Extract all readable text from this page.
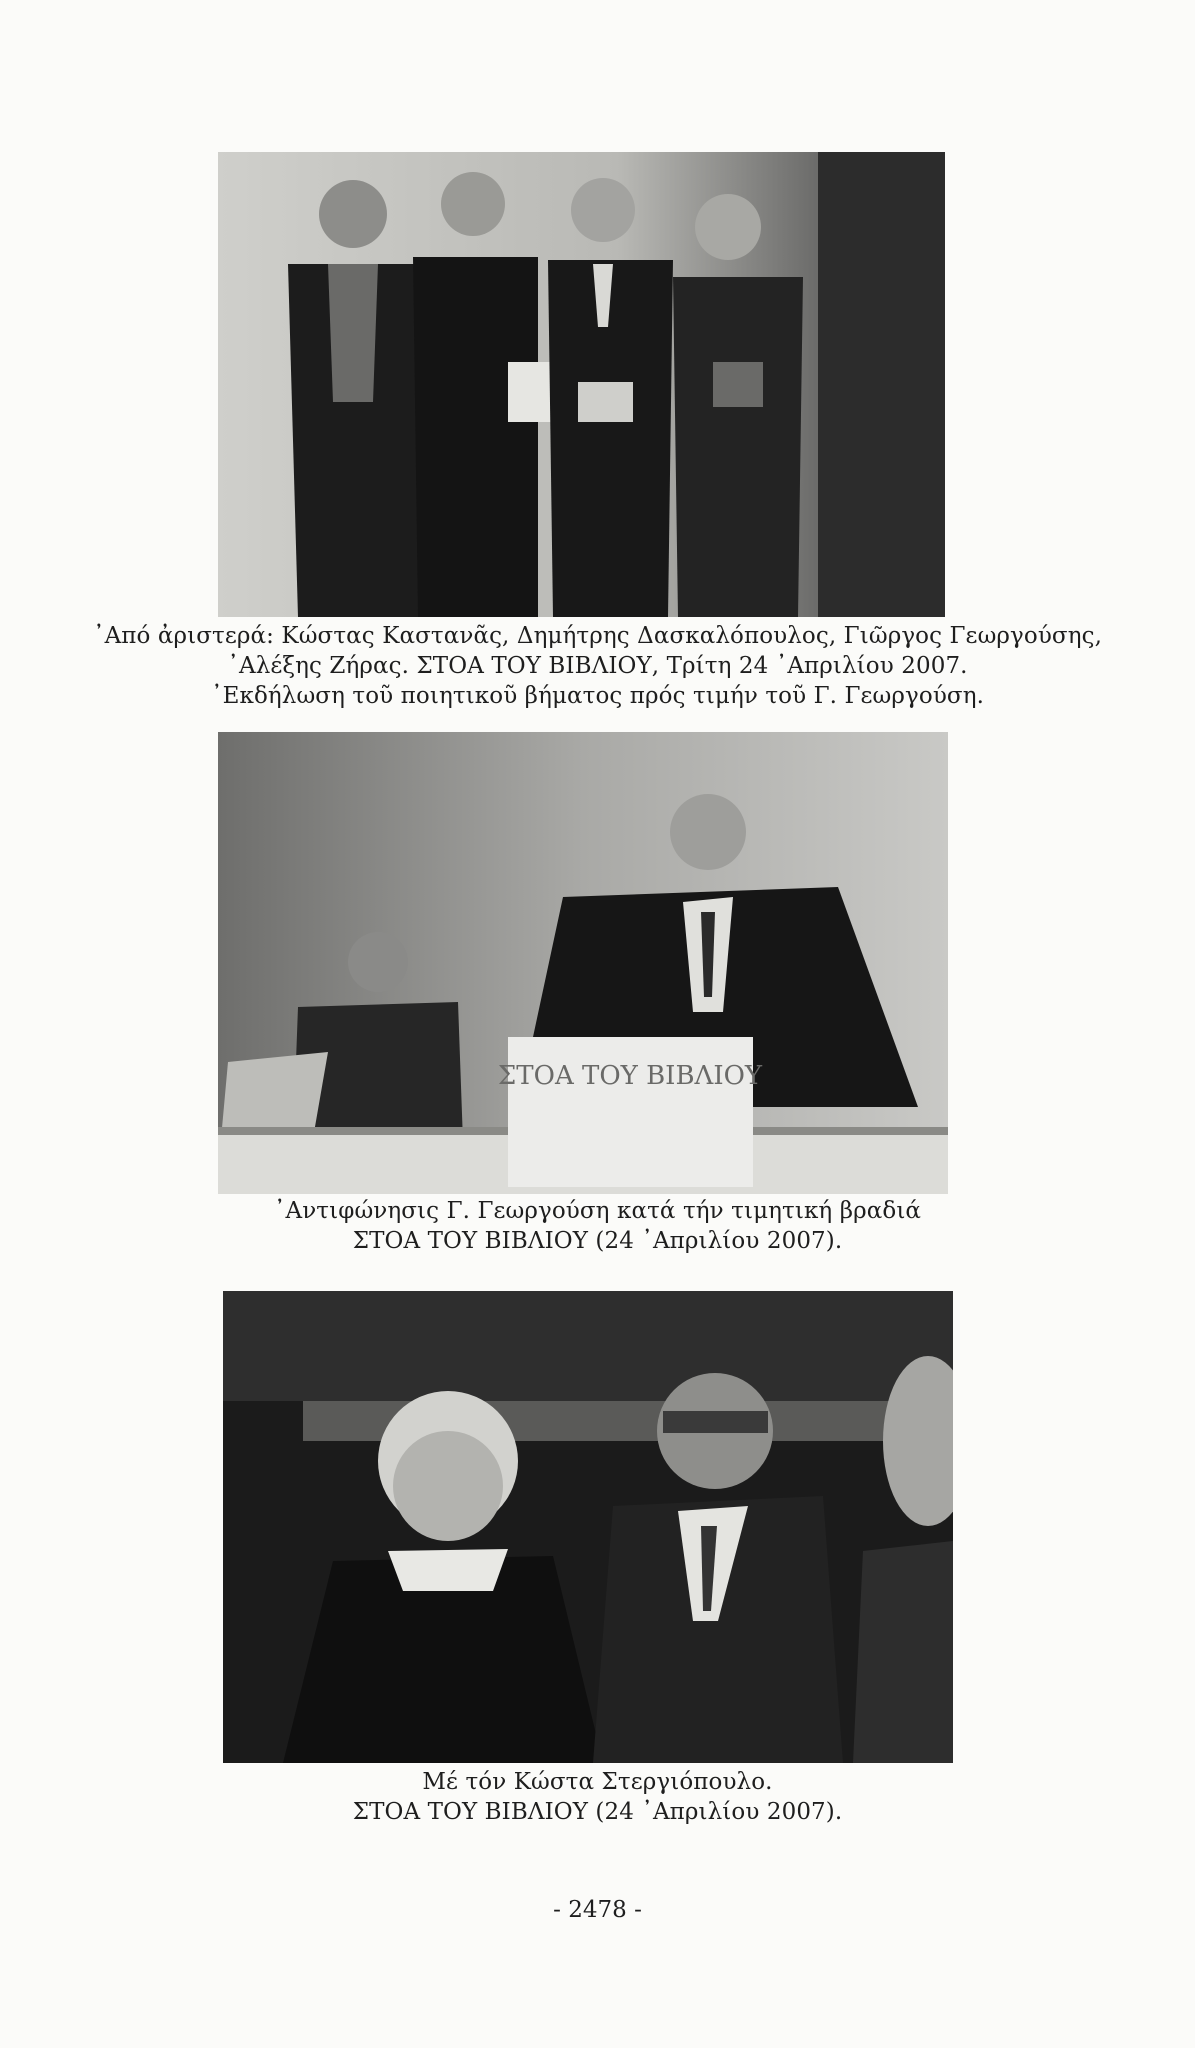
᾿Από ἀριστερά: Κώστας Καστανᾶς, Δημήτρης Δασκαλόπουλος, Γιῶργος Γεωργούσης,
᾿Αλέξης Ζήρας. ΣΤΟΑ ΤΟΥ ΒΙΒΛΙΟΥ, Τρίτη 24 ᾿Απριλίου 2007.
᾿Εκδήλωση τοῦ ποιητικοῦ βήματος πρός τιμήν τοῦ Γ. Γεωργούση.
ΣΤΟΑ ΤΟΥ ΒΙΒΛΙΟΥ
᾿Αντιφώνησις Γ. Γεωργούση κατά τήν τιμητική βραδιά
ΣΤΟΑ ΤΟΥ ΒΙΒΛΙΟΥ (24 ᾿Απριλίου 2007).
Μέ τόν Κώστα Στεργιόπουλο.
ΣΤΟΑ ΤΟΥ ΒΙΒΛΙΟΥ (24 ᾿Απριλίου 2007).
- 2478 -
